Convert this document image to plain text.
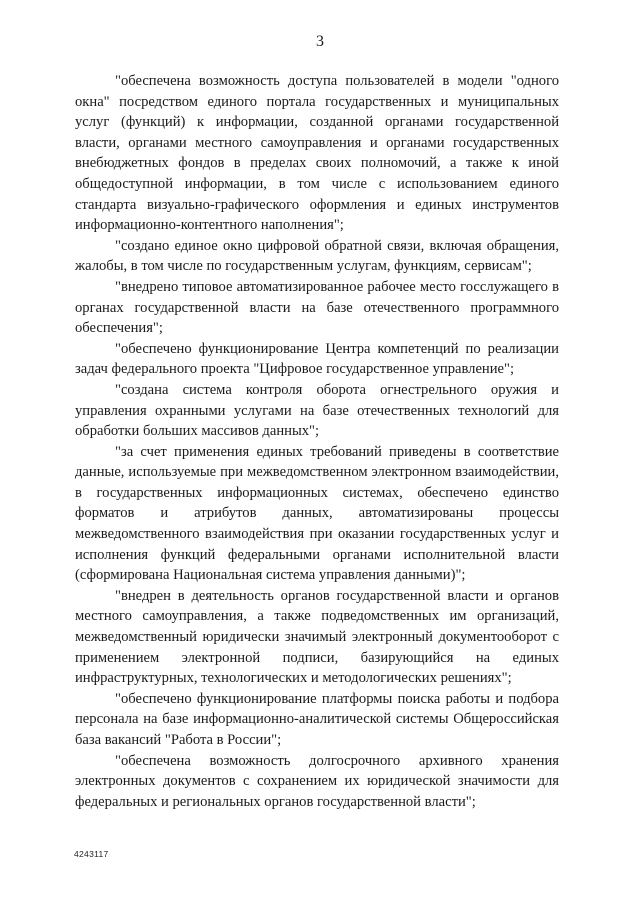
3

"обеспечена возможность доступа пользователей в модели "одного окна" посредством единого портала государственных и муниципальных услуг (функций) к информации, созданной органами государственной власти, органами местного самоуправления и органами государственных внебюджетных фондов в пределах своих полномочий, а также к иной общедоступной информации, в том числе с использованием единого стандарта визуально-графического оформления и единых инструментов информационно-контентного наполнения";

"создано единое окно цифровой обратной связи, включая обращения, жалобы, в том числе по государственным услугам, функциям, сервисам";

"внедрено типовое автоматизированное рабочее место госслужащего в органах государственной власти на базе отечественного программного обеспечения";

"обеспечено функционирование Центра компетенций по реализации задач федерального проекта "Цифровое государственное управление";

"создана система контроля оборота огнестрельного оружия и управления охранными услугами на базе отечественных технологий для обработки больших массивов данных";

"за счет применения единых требований приведены в соответствие данные, используемые при межведомственном электронном взаимодействии, в государственных информационных системах, обеспечено единство форматов и атрибутов данных, автоматизированы процессы межведомственного взаимодействия при оказании государственных услуг и исполнения функций федеральными органами исполнительной власти (сформирована Национальная система управления данными)";

"внедрен в деятельность органов государственной власти и органов местного самоуправления, а также подведомственных им организаций, межведомственный юридически значимый электронный документооборот с применением электронной подписи, базирующийся на единых инфраструктурных, технологических и методологических решениях";

"обеспечено функционирование платформы поиска работы и подбора персонала на базе информационно-аналитической системы Общероссийская база вакансий "Работа в России";

"обеспечена возможность долгосрочного архивного хранения электронных документов с сохранением их юридической значимости для федеральных и региональных органов государственной власти";

4243117
